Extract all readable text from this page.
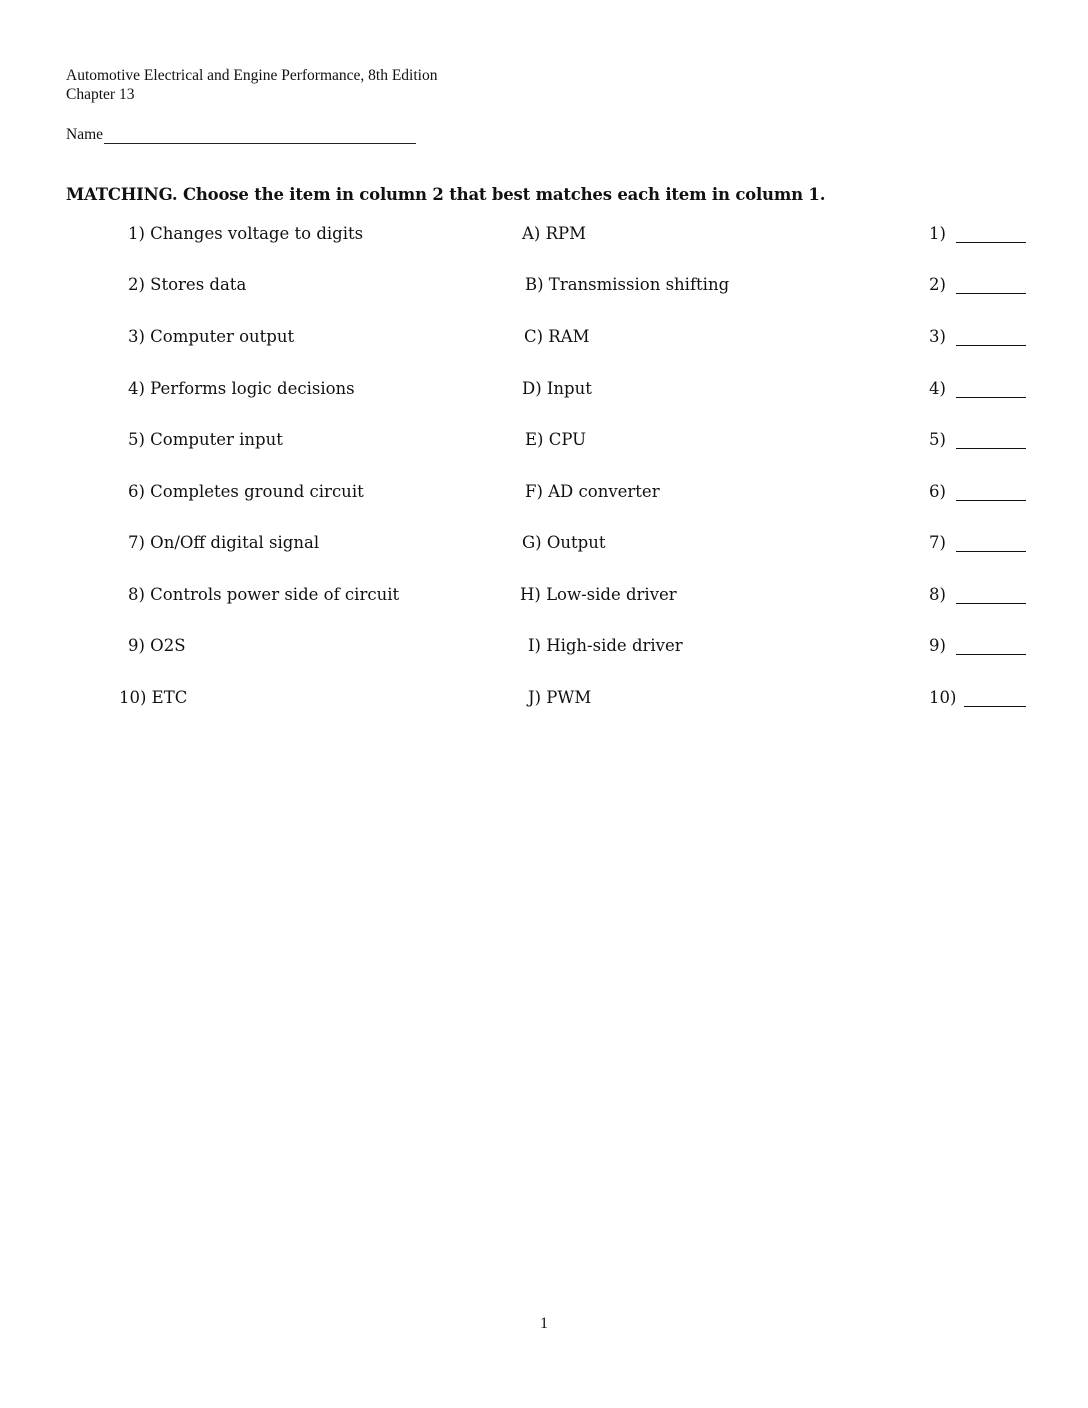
Automotive Electrical and Engine Performance, 8th Edition
Chapter 13
Name
MATCHING. Choose the item in column 2 that best matches each item in column 1.
1) Changes voltage to digits	A) RPM	1)
2) Stores data	B) Transmission shifting	2)
3) Computer output	C) RAM	3)
4) Performs logic decisions	D) Input	4)
5) Computer input	E) CPU	5)
6) Completes ground circuit	F) AD converter	6)
7) On/Off digital signal	G) Output	7)
8) Controls power side of circuit	H) Low-side driver	8)
9) O2S	I) High-side driver	9)
10) ETC	J) PWM	10)
1
